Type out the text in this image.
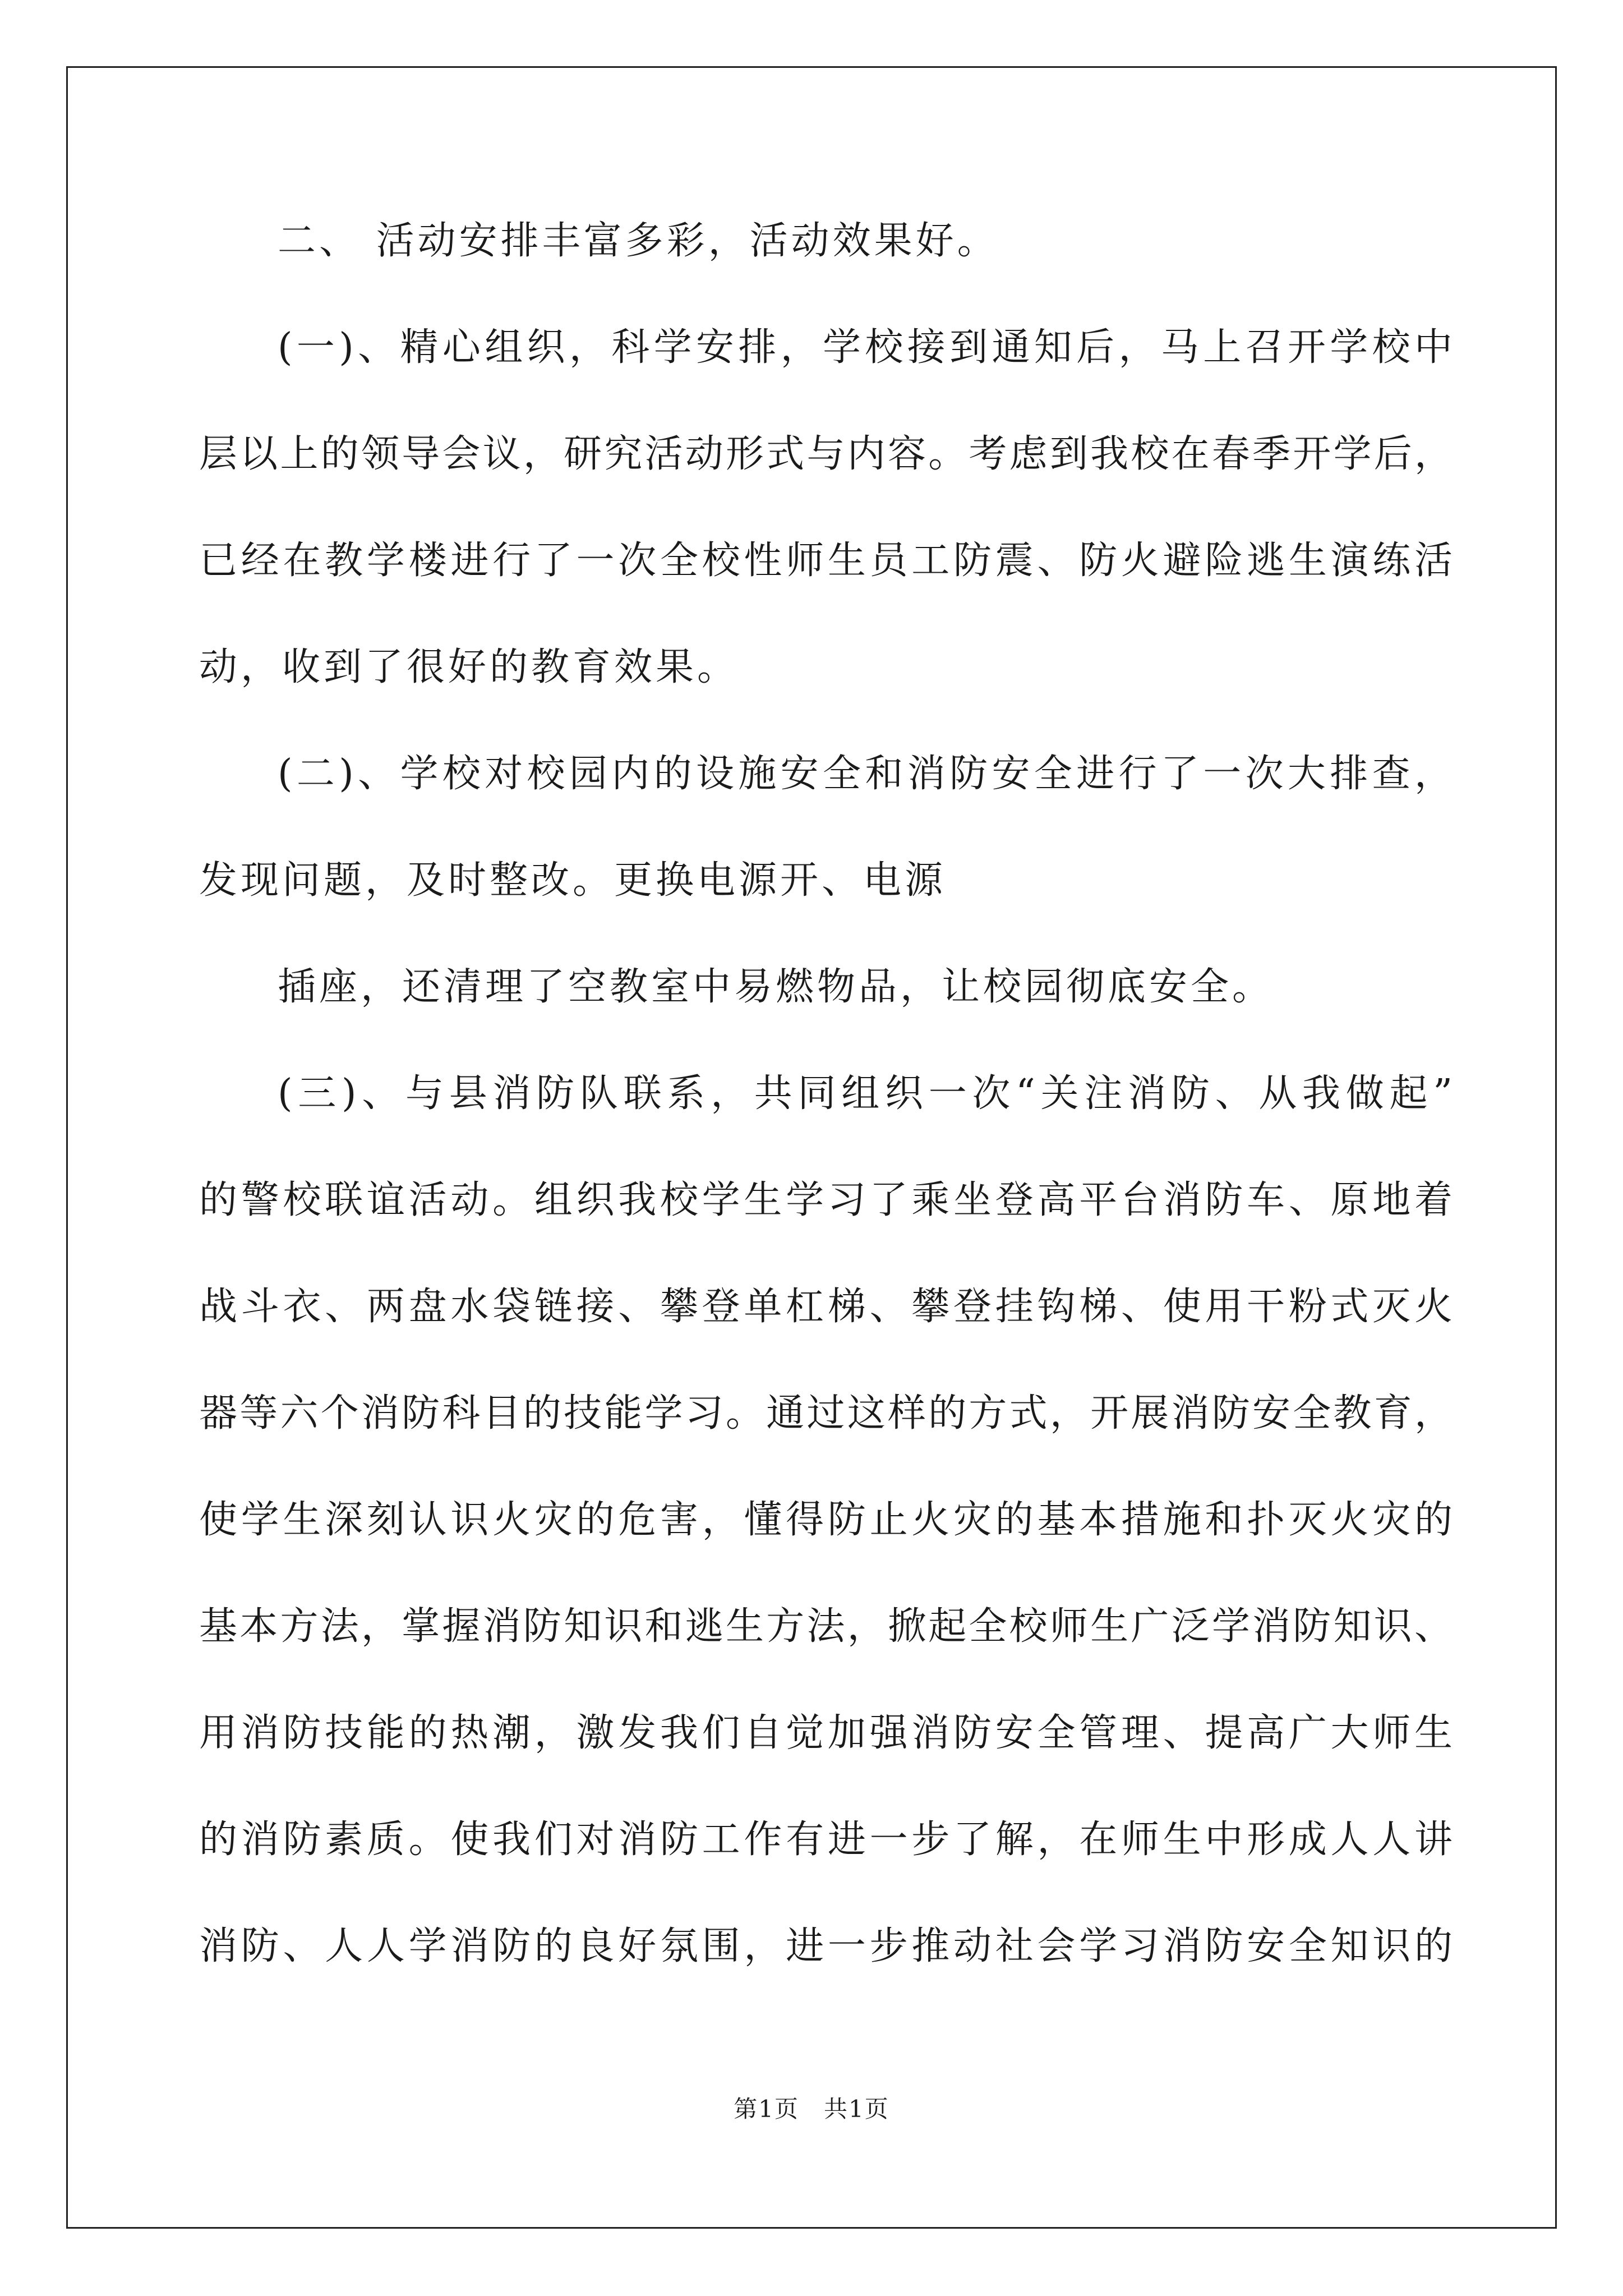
二、 活动安排丰富多彩，活动效果好。
(一)、精心组织，科学安排，学校接到通知后，马上召开学校中
层以上的领导会议，研究活动形式与内容。考虑到我校在春季开学后，
已经在教学楼进行了一次全校性师生员工防震、防火避险逃生演练活
动，收到了很好的教育效果。
(二)、学校对校园内的设施安全和消防安全进行了一次大排查，
发现问题，及时整改。更换电源开、电源
插座，还清理了空教室中易燃物品，让校园彻底安全。
(三)、与县消防队联系，共同组织一次“关注消防、从我做起”
的警校联谊活动。组织我校学生学习了乘坐登高平台消防车、原地着
战斗衣、两盘水袋链接、攀登单杠梯、攀登挂钩梯、使用干粉式灭火
器等六个消防科目的技能学习。通过这样的方式，开展消防安全教育，
使学生深刻认识火灾的危害，懂得防止火灾的基本措施和扑灭火灾的
基本方法，掌握消防知识和逃生方法，掀起全校师生广泛学消防知识、
用消防技能的热潮，激发我们自觉加强消防安全管理、提高广大师生
的消防素质。使我们对消防工作有进一步了解，在师生中形成人人讲
消防、人人学消防的良好氛围，进一步推动社会学习消防安全知识的
第1页　共1页
